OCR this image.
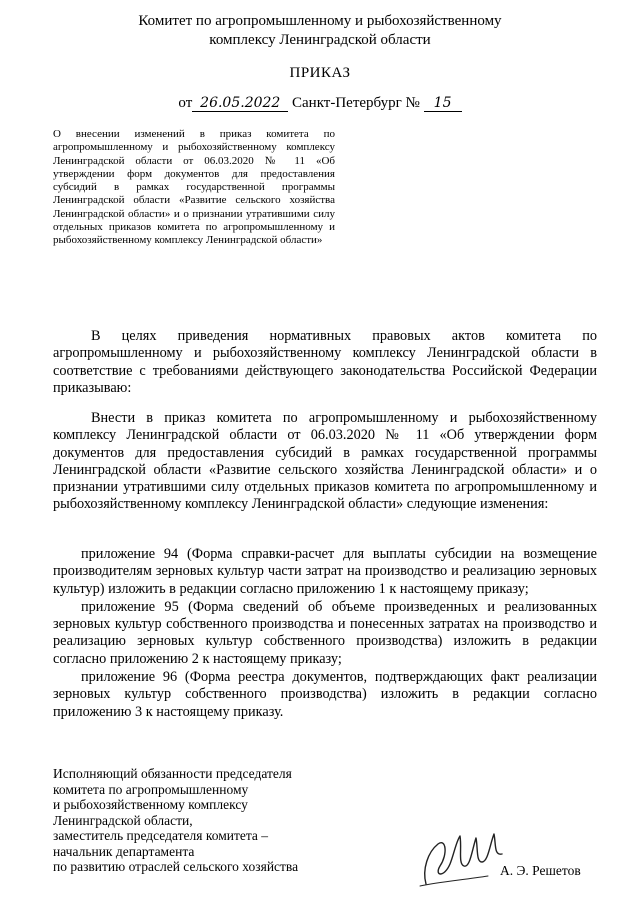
Комитет по агропромышленному и рыбохозяйственному
комплексу Ленинградской области
ПРИКАЗ
от 26.05.2022 Санкт-Петербург № 15
О внесении изменений в приказ комитета по агропромышленному и рыбохозяйственному комплексу Ленинградской области от 06.03.2020 № 11 «Об утверждении форм документов для предоставления субсидий в рамках государственной программы Ленинградской области «Развитие сельского хозяйства Ленинградской области» и о признании утратившими силу отдельных приказов комитета по агропромышленному и рыбохозяйственному комплексу Ленинградской области»
В целях приведения нормативных правовых актов комитета по агропромышленному и рыбохозяйственному комплексу Ленинградской области в соответствие с требованиями действующего законодательства Российской Федерации приказываю:
Внести в приказ комитета по агропромышленному и рыбохозяйственному комплексу Ленинградской области от 06.03.2020 № 11 «Об утверждении форм документов для предоставления субсидий в рамках государственной программы Ленинградской области «Развитие сельского хозяйства Ленинградской области» и о признании утратившими силу отдельных приказов комитета по агропромышленному и рыбохозяйственному комплексу Ленинградской области» следующие изменения:
приложение 94 (Форма справки-расчет для выплаты субсидии на возмещение производителям зерновых культур части затрат на производство и реализацию зерновых культур) изложить в редакции согласно приложению 1 к настоящему приказу;
приложение 95 (Форма сведений об объеме произведенных и реализованных зерновых культур собственного производства и понесенных затратах на производство и реализацию зерновых культур собственного производства) изложить в редакции согласно приложению 2 к настоящему приказу;
приложение 96 (Форма реестра документов, подтверждающих факт реализации зерновых культур собственного производства) изложить в редакции согласно приложению 3 к настоящему приказу.
Исполняющий обязанности председателя
комитета по агропромышленному
и рыбохозяйственному комплексу
Ленинградской области,
заместитель председателя комитета –
начальник департамента
по развитию отраслей сельского хозяйства	А. Э. Решетов
